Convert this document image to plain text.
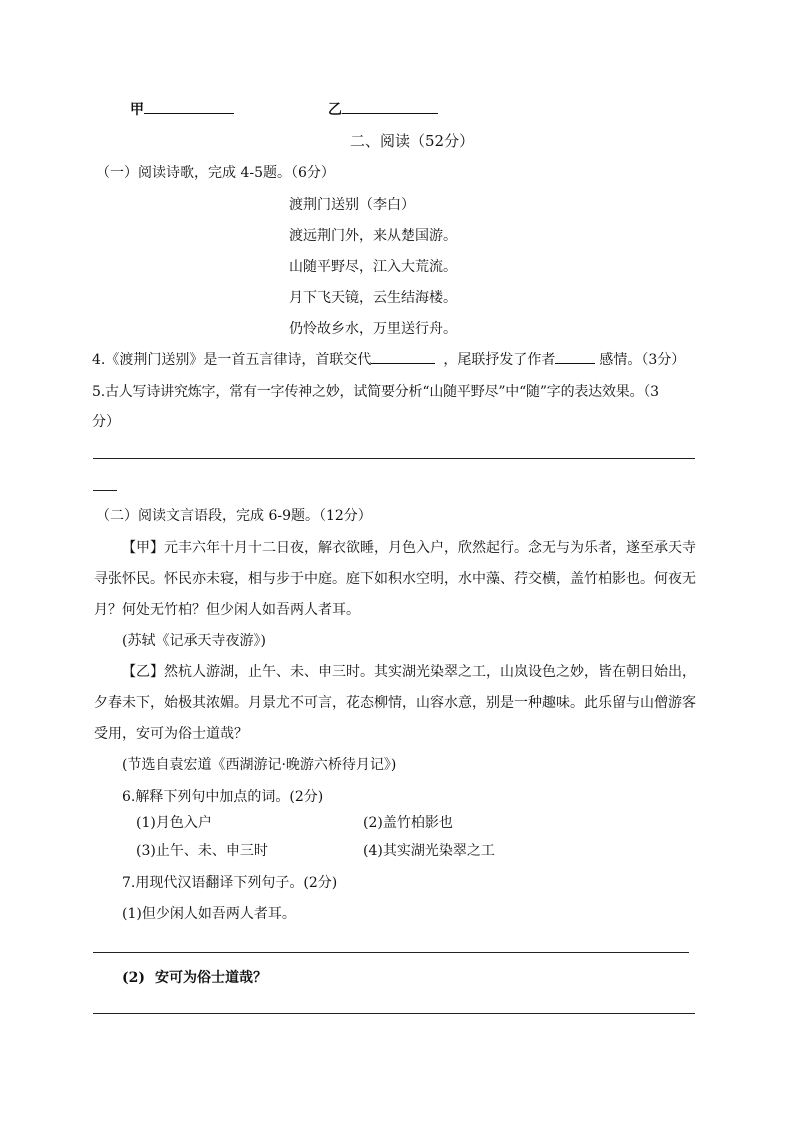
甲	乙
二、阅读（52分）
（一）阅读诗歌，完成 4-5题。（6分）
渡荆门送别（李白）
渡远荆门外，来从楚国游。
山随平野尽，江入大荒流。
月下飞天镜，云生结海楼。
仍怜故乡水，万里送行舟。
4.《渡荆门送别》是一首五言律诗，首联交代	，尾联抒发了作者	感情。（3分）
5.古人写诗讲究炼字，常有一字传神之妙，试简要分析“山随平野尽”中“随”字的表达效果。（3
分）
（二）阅读文言语段，完成 6-9题。（12分）
【甲】元丰六年十月十二日夜，解衣欲睡，月色入户，欣然起行。念无与为乐者，遂至承天寺
寻张怀民。怀民亦未寝，相与步于中庭。庭下如积水空明，水中藻、荇交横，盖竹柏影也。何夜无
月？何处无竹柏？但少闲人如吾两人者耳。
(苏轼《记承天寺夜游》)
【乙】然杭人游湖，止午、未、申三时。其实湖光染翠之工，山岚设色之妙，皆在朝日始出，
夕春未下，始极其浓媚。月景尤不可言，花态柳情，山容水意，别是一种趣味。此乐留与山僧游客
受用，安可为俗士道哉？
(节选自袁宏道《西湖游记·晚游六桥待月记》)
6.解释下列句中加点的词。(2分)
(1)月色入户	(2)盖竹柏影也
(3)止午、未、申三时	(4)其实湖光染翠之工
7.用现代汉语翻译下列句子。(2分)
(1)但少闲人如吾两人者耳。
(2) 安可为俗士道哉？
